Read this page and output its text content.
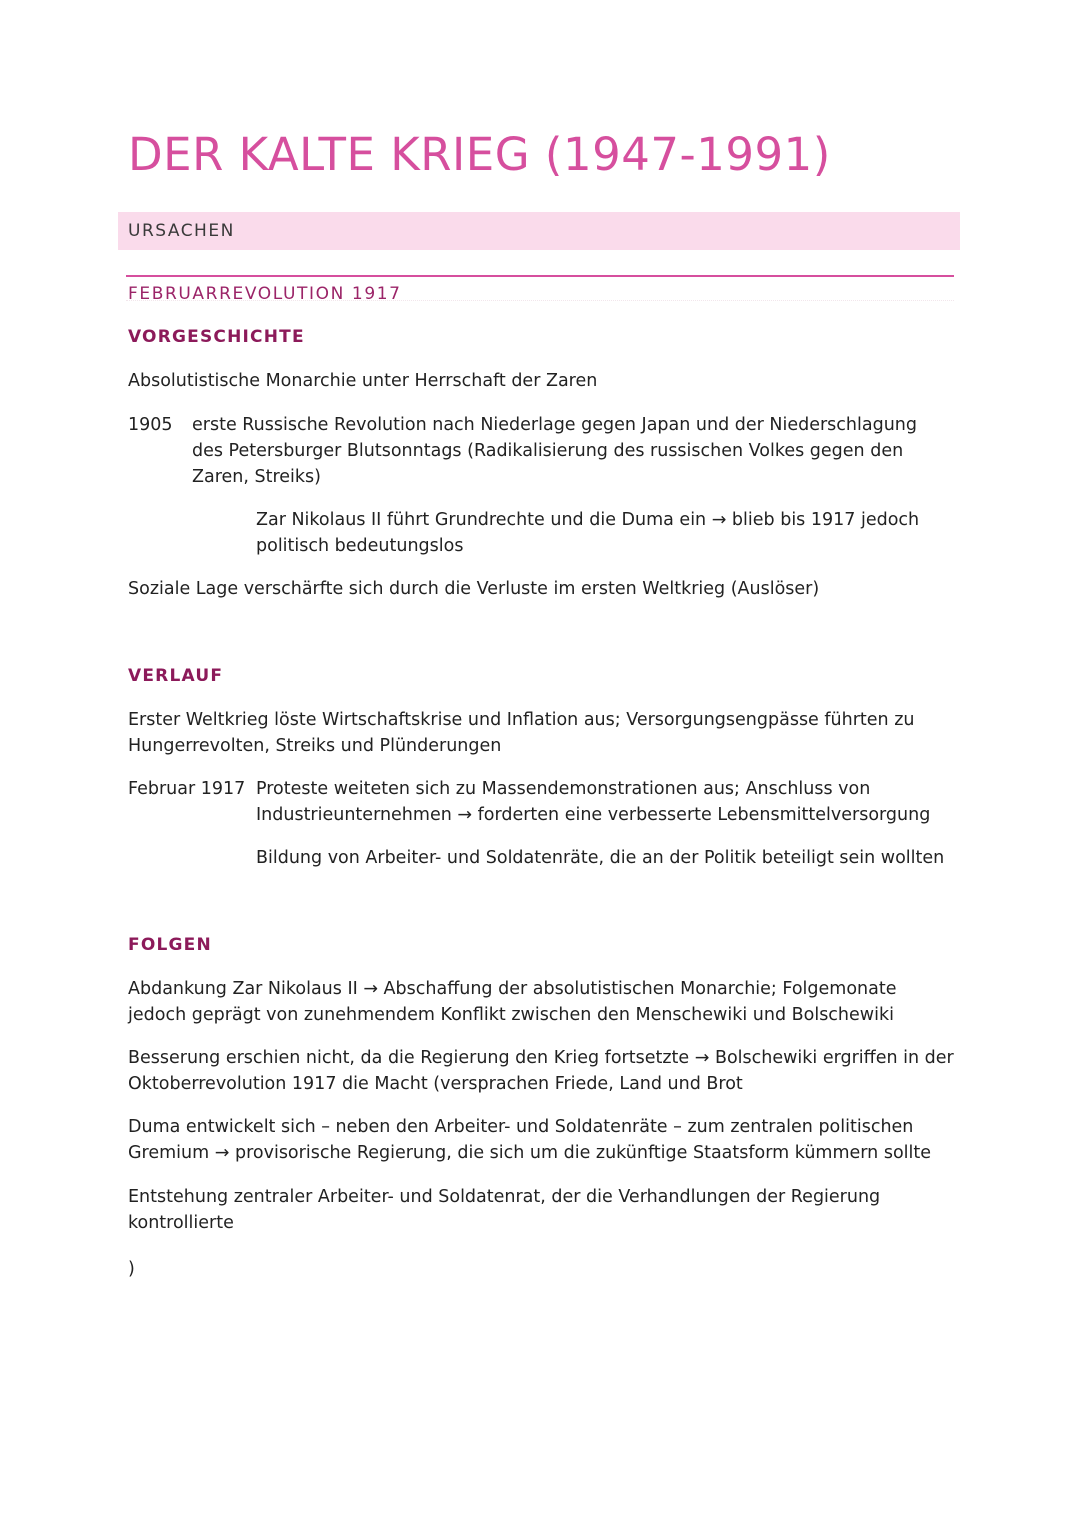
DER KALTE KRIEG (1947-1991)
URSACHEN
FEBRUARREVOLUTION 1917
VORGESCHICHTE

Absolutistische Monarchie unter Herrschaft der Zaren

1905 erste Russische Revolution nach Niederlage gegen Japan und der Niederschlagung des Petersburger Blutsonntags (Radikalisierung des russischen Volkes gegen den Zaren, Streiks)

Zar Nikolaus II führt Grundrechte und die Duma ein → blieb bis 1917 jedoch politisch bedeutungslos

Soziale Lage verschärfte sich durch die Verluste im ersten Weltkrieg (Auslöser)

VERLAUF

Erster Weltkrieg löste Wirtschaftskrise und Inflation aus; Versorgungsengpässe führten zu Hungerrevolten, Streiks und Plünderungen

Februar 1917 Proteste weiteten sich zu Massendemonstrationen aus; Anschluss von Industrieunternehmen → forderten eine verbesserte Lebensmittelversorgung

Bildung von Arbeiter- und Soldatenräte, die an der Politik beteiligt sein wollten

FOLGEN

Abdankung Zar Nikolaus II → Abschaffung der absolutistischen Monarchie; Folgemonate jedoch geprägt von zunehmendem Konflikt zwischen den Menschewiki und Bolschewiki

Besserung erschien nicht, da die Regierung den Krieg fortsetzte → Bolschewiki ergriffen in der Oktoberrevolution 1917 die Macht (versprachen Friede, Land und Brot

Duma entwickelt sich – neben den Arbeiter- und Soldatenräte – zum zentralen politischen Gremium → provisorische Regierung, die sich um die zukünftige Staatsform kümmern sollte

Entstehung zentraler Arbeiter- und Soldatenrat, der die Verhandlungen der Regierung kontrollierte

)
